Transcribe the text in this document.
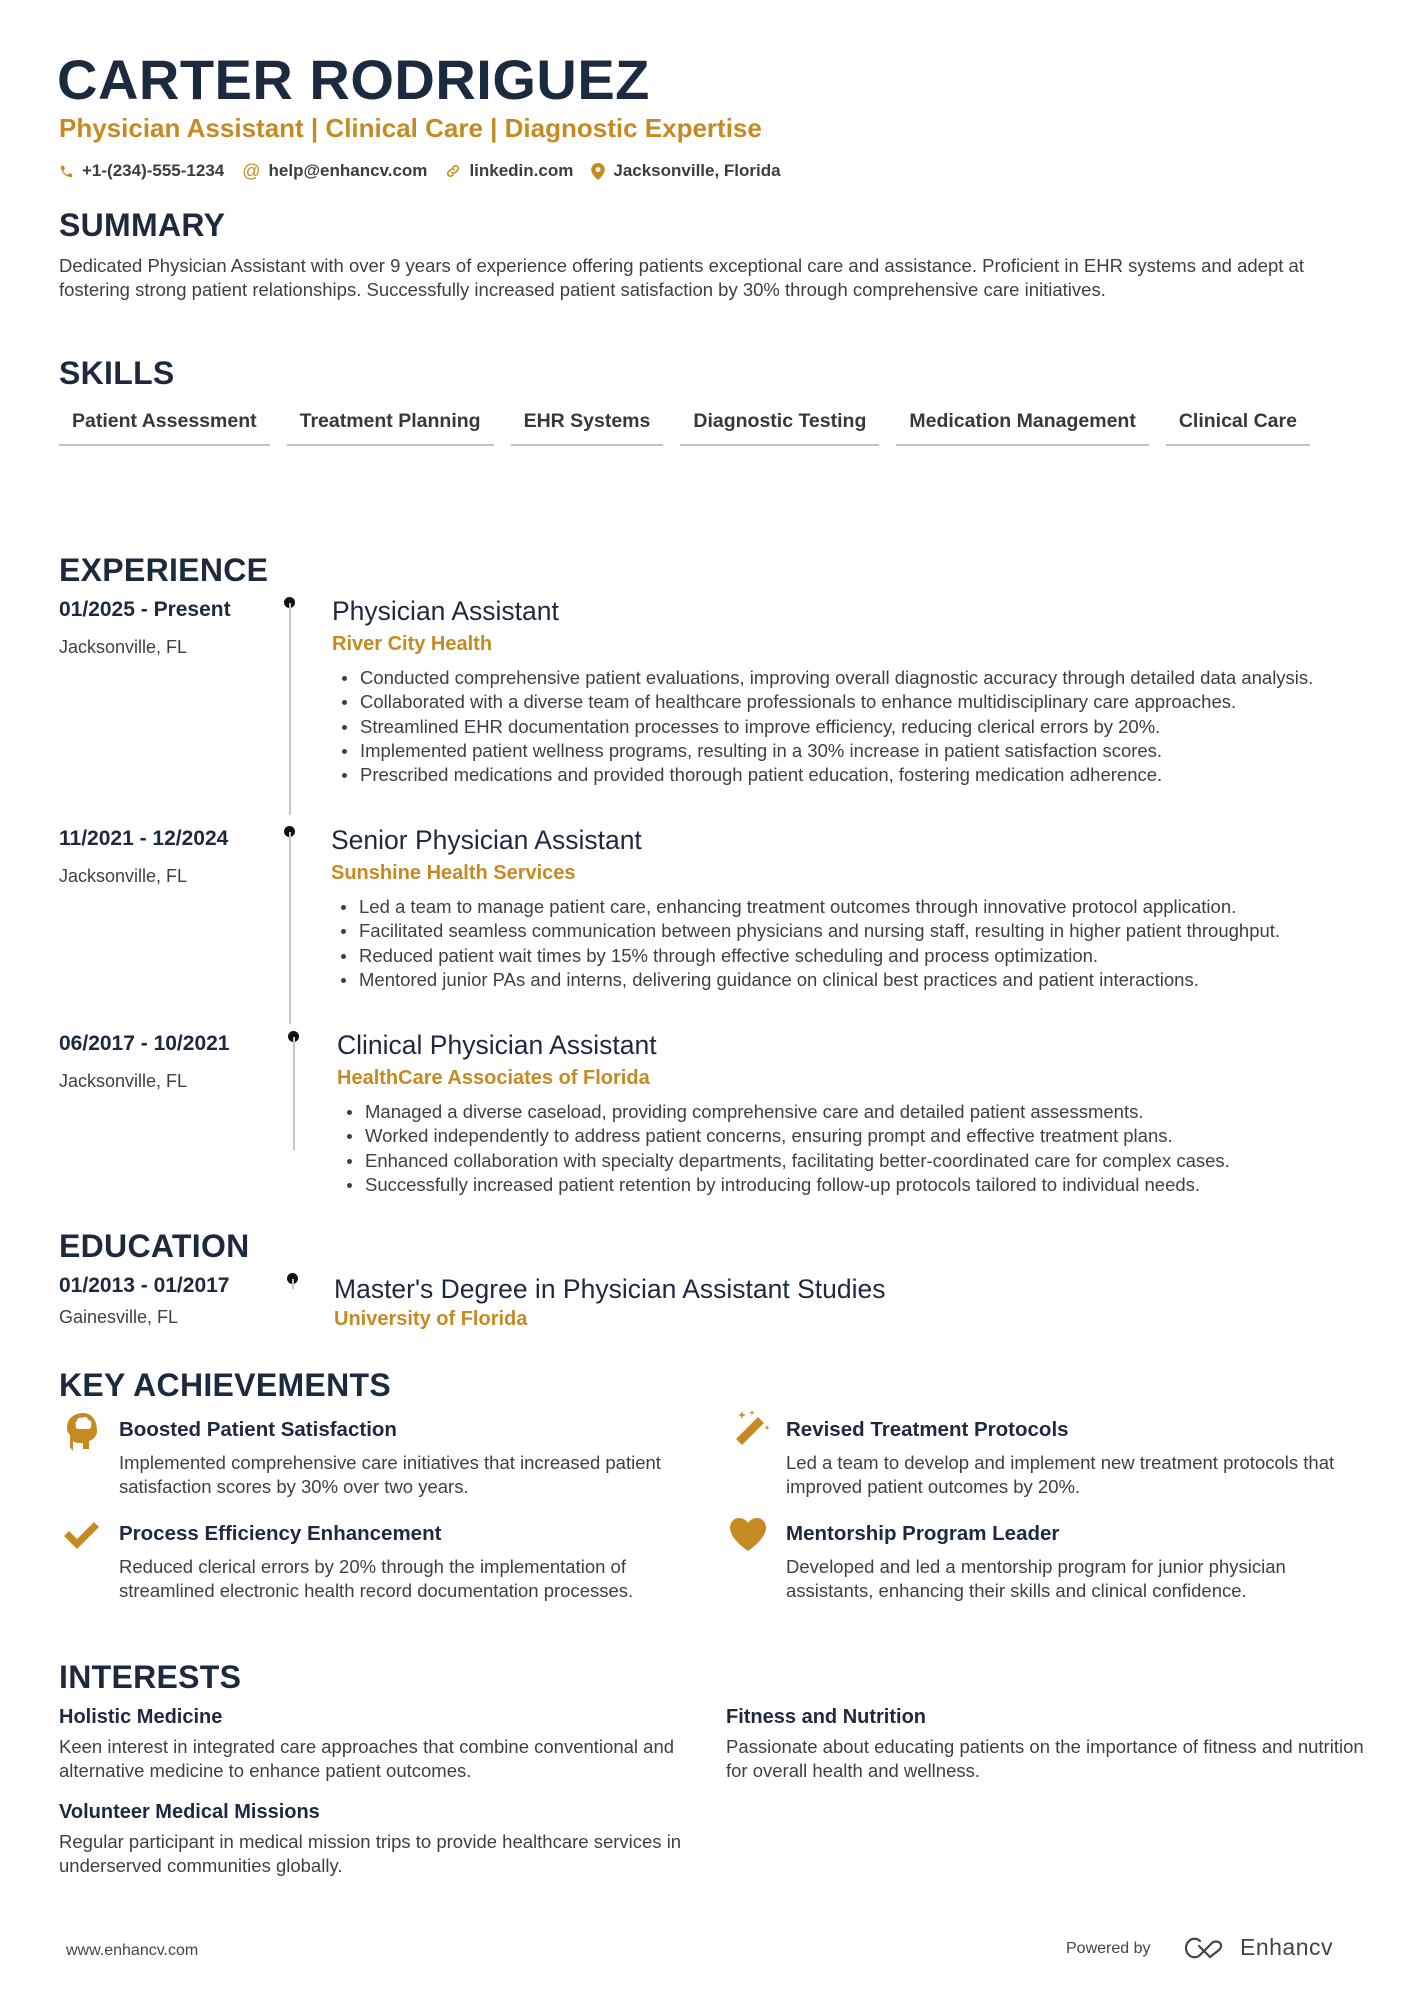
CARTER RODRIGUEZ
Physician Assistant | Clinical Care | Diagnostic Expertise
+1-(234)-555-1234 @ help@enhancv.com linkedin.com Jacksonville, Florida
SUMMARY
Dedicated Physician Assistant with over 9 years of experience offering patients exceptional care and assistance. Proficient in EHR systems and adept at fostering strong patient relationships. Successfully increased patient satisfaction by 30% through comprehensive care initiatives.
SKILLS
Patient Assessment	Treatment Planning	EHR Systems	Diagnostic Testing	Medication Management	Clinical Care
EXPERIENCE
01/2025 - Present
Jacksonville, FL
Physician Assistant
River City Health
Conducted comprehensive patient evaluations, improving overall diagnostic accuracy through detailed data analysis.
Collaborated with a diverse team of healthcare professionals to enhance multidisciplinary care approaches.
Streamlined EHR documentation processes to improve efficiency, reducing clerical errors by 20%.
Implemented patient wellness programs, resulting in a 30% increase in patient satisfaction scores.
Prescribed medications and provided thorough patient education, fostering medication adherence.
11/2021 - 12/2024
Jacksonville, FL
Senior Physician Assistant
Sunshine Health Services
Led a team to manage patient care, enhancing treatment outcomes through innovative protocol application.
Facilitated seamless communication between physicians and nursing staff, resulting in higher patient throughput.
Reduced patient wait times by 15% through effective scheduling and process optimization.
Mentored junior PAs and interns, delivering guidance on clinical best practices and patient interactions.
06/2017 - 10/2021
Jacksonville, FL
Clinical Physician Assistant
HealthCare Associates of Florida
Managed a diverse caseload, providing comprehensive care and detailed patient assessments.
Worked independently to address patient concerns, ensuring prompt and effective treatment plans.
Enhanced collaboration with specialty departments, facilitating better-coordinated care for complex cases.
Successfully increased patient retention by introducing follow-up protocols tailored to individual needs.
EDUCATION
01/2013 - 01/2017
Gainesville, FL
Master's Degree in Physician Assistant Studies
University of Florida
KEY ACHIEVEMENTS
Boosted Patient Satisfaction
Implemented comprehensive care initiatives that increased patient satisfaction scores by 30% over two years.
Revised Treatment Protocols
Led a team to develop and implement new treatment protocols that improved patient outcomes by 20%.
Process Efficiency Enhancement
Reduced clerical errors by 20% through the implementation of streamlined electronic health record documentation processes.
Mentorship Program Leader
Developed and led a mentorship program for junior physician assistants, enhancing their skills and clinical confidence.
INTERESTS
Holistic Medicine
Keen interest in integrated care approaches that combine conventional and alternative medicine to enhance patient outcomes.
Fitness and Nutrition
Passionate about educating patients on the importance of fitness and nutrition for overall health and wellness.
Volunteer Medical Missions
Regular participant in medical mission trips to provide healthcare services in underserved communities globally.
www.enhancv.com	Powered by	Enhancv
